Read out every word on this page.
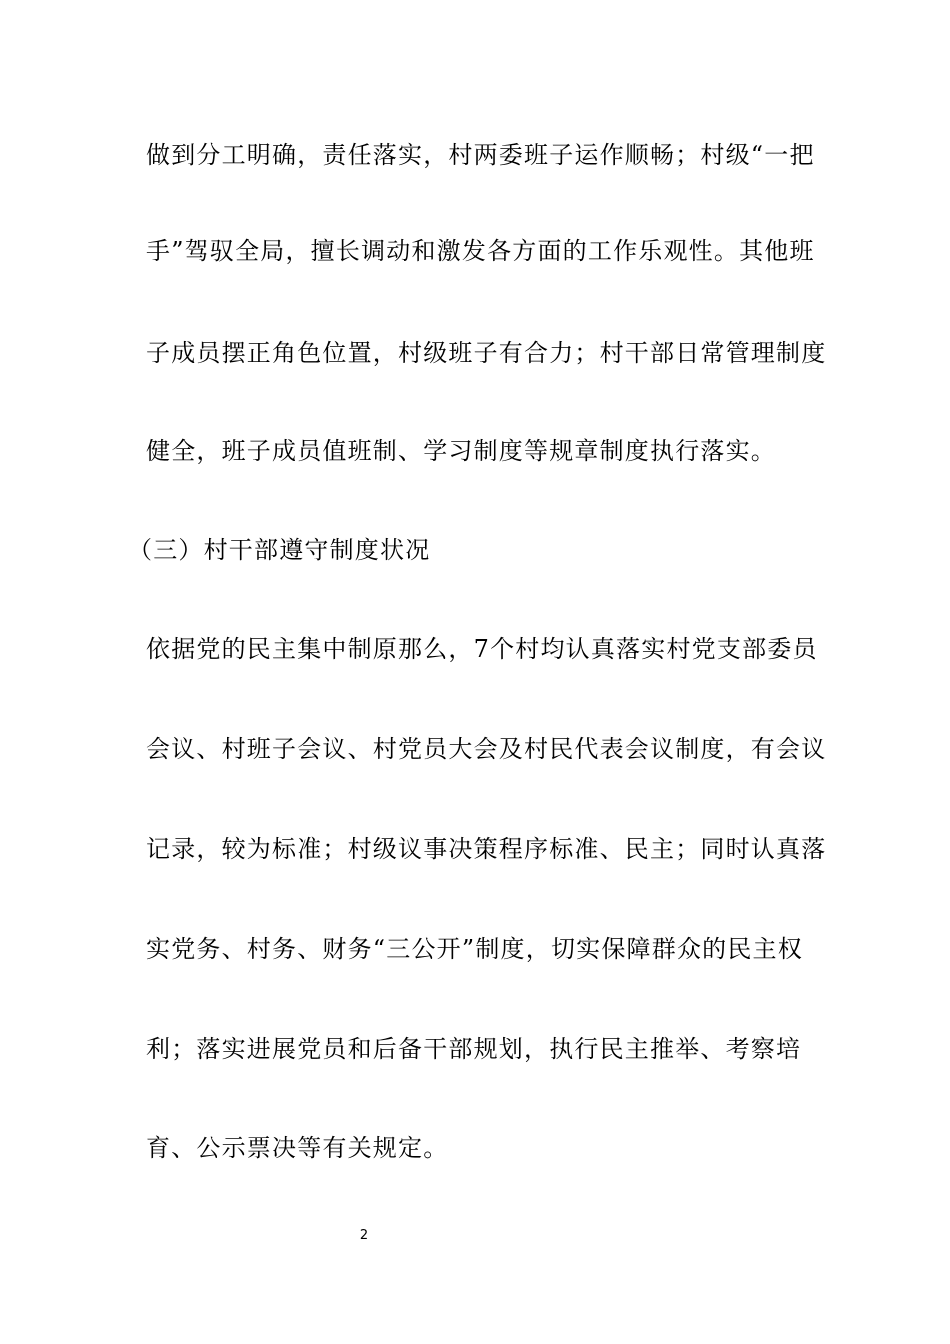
做到分工明确，责任落实，村两委班子运作顺畅；村级“一把
手”驾驭全局，擅长调动和激发各方面的工作乐观性。其他班
子成员摆正角色位置，村级班子有合力；村干部日常管理制度
健全，班子成员值班制、学习制度等规章制度执行落实。
（三）村干部遵守制度状况
依据党的民主集中制原那么，7个村均认真落实村党支部委员
会议、村班子会议、村党员大会及村民代表会议制度，有会议
记录，较为标准；村级议事决策程序标准、民主；同时认真落
实党务、村务、财务“三公开”制度，切实保障群众的民主权
利；落实进展党员和后备干部规划，执行民主推举、考察培
育、公示票决等有关规定。
2
